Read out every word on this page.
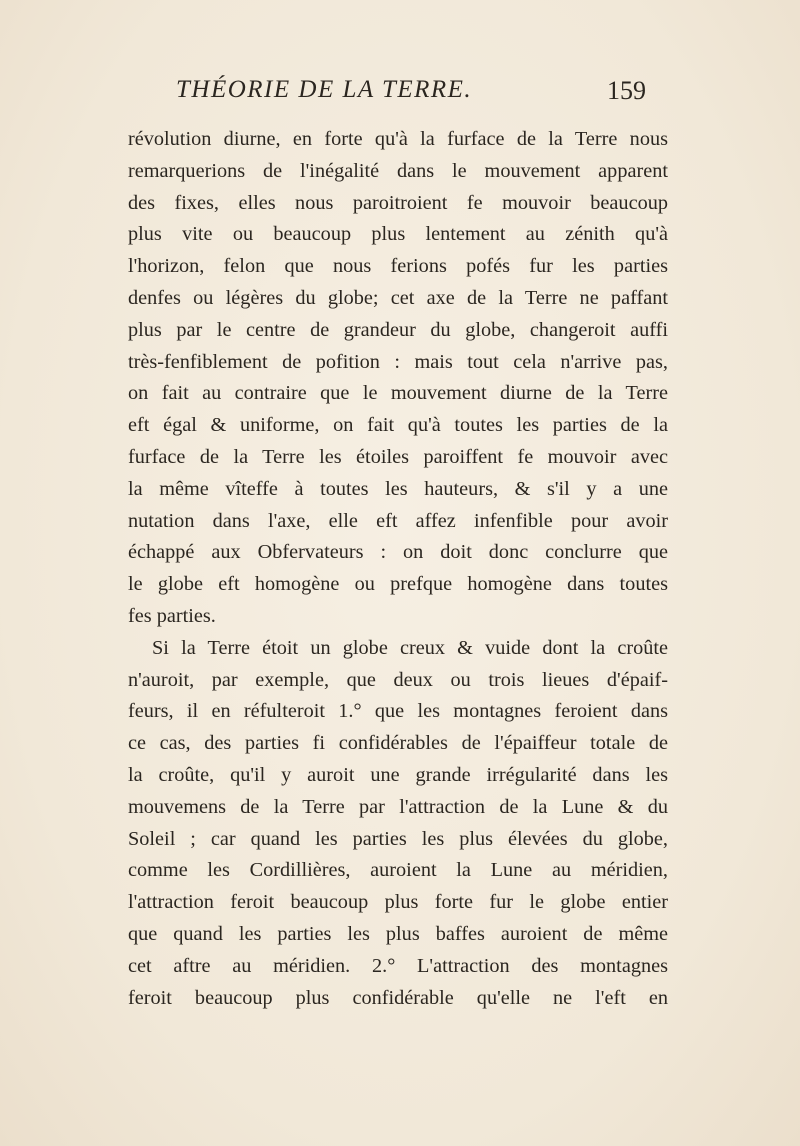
THÉORIE DE LA TERRE.	159
révolution diurne, en forte qu'à la furface de la Terre nous
remarquerions de l'inégalité dans le mouvement apparent
des fixes, elles nous paroitroient fe mouvoir beaucoup
plus vite ou beaucoup plus lentement au zénith qu'à
l'horizon, felon que nous ferions pofés fur les parties
denfes ou légères du globe; cet axe de la Terre ne paffant
plus par le centre de grandeur du globe, changeroit auffi
très-fenfiblement de pofition : mais tout cela n'arrive pas,
on fait au contraire que le mouvement diurne de la Terre
eft égal & uniforme, on fait qu'à toutes les parties de la
furface de la Terre les étoiles paroiffent fe mouvoir avec
la même vîteffe à toutes les hauteurs, & s'il y a une
nutation dans l'axe, elle eft affez infenfible pour avoir
échappé aux Obfervateurs : on doit donc conclurre que
le globe eft homogène ou prefque homogène dans toutes
fes parties.
Si la Terre étoit un globe creux & vuide dont la croûte
n'auroit, par exemple, que deux ou trois lieues d'épaif-
feurs, il en réfulteroit 1.° que les montagnes feroient dans
ce cas, des parties fi confidérables de l'épaiffeur totale de
la croûte, qu'il y auroit une grande irrégularité dans les
mouvemens de la Terre par l'attraction de la Lune & du
Soleil ; car quand les parties les plus élevées du globe,
comme les Cordillières, auroient la Lune au méridien,
l'attraction feroit beaucoup plus forte fur le globe entier
que quand les parties les plus baffes auroient de même
cet aftre au méridien. 2.° L'attraction des montagnes
feroit beaucoup plus confidérable qu'elle ne l'eft en
